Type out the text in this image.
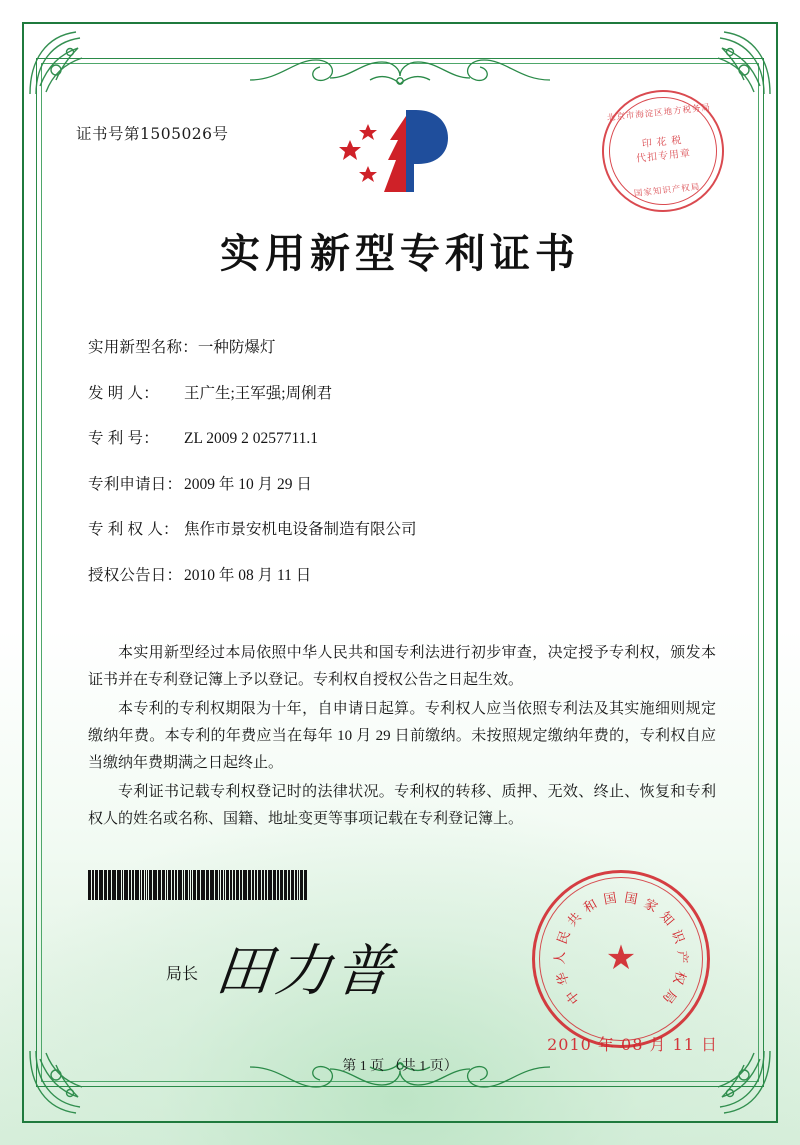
证书号第1505026号
北京市海淀区地方税务局
印 花 税
代扣专用章
国家知识产权局
实用新型专利证书
实用新型名称：一种防爆灯
发 明 人： 王广生;王军强;周俐君
专 利 号： ZL 2009 2 0257711.1
专利申请日： 2009 年 10 月 29 日
专 利 权 人： 焦作市景安机电设备制造有限公司
授权公告日： 2010 年 08 月 11 日

本实用新型经过本局依照中华人民共和国专利法进行初步审查，决定授予专利权，颁发本证书并在专利登记簿上予以登记。专利权自授权公告之日起生效。

本专利的专利权期限为十年，自申请日起算。专利权人应当依照专利法及其实施细则规定缴纳年费。本专利的年费应当在每年 10 月 29 日前缴纳。未按照规定缴纳年费的，专利权自应当缴纳年费期满之日起终止。

专利证书记载专利权登记时的法律状况。专利权的转移、质押、无效、终止、恢复和专利权人的姓名或名称、国籍、地址变更等事项记载在专利登记簿上。

局长 田力普	中
华
人
民
共
和 国 国 家
知
识
产
权
局
★
2010 年 08 月 11 日
第 1 页 （共 1 页）
